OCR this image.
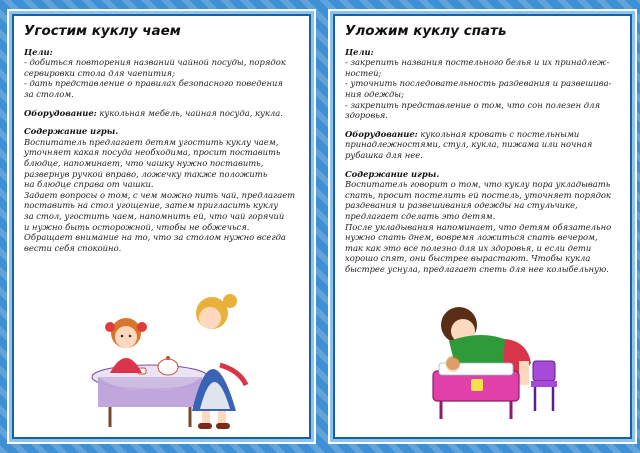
Угостим куклу чаем

Цели:

- добиться повторения названий чайной посуды, порядок

сервировки стола для чаепития;

- дать представление о правилах безопасного поведения

за столом.

Оборудование: кукольная мебель, чайная посуда, кукла.

Содержание игры.

Воспитатель предлагает детям угостить куклу чаем,

уточняет какая посуда необходима, просит поставить

блюдце, напоминает, что чашку нужно поставить,

развернув ручкой вправо, ложечку также положить

на блюдце справа от чашки.

Задает вопросы о том, с чем можно пить чай, предлагает

поставить на стол угощение, затем пригласить куклу

за стол, угостить чаем, напомнить ей, что чай горячий

и нужно быть осторожной, чтобы не обжечься.

Обращает внимание на то, что за столом нужно всегда

вести себя спокойно.

Уложим куклу спать

Цели:

- закрепить названия постельного белья и их принадлеж-

ностей;

- уточнить последовательность раздевания и развешива-

ния одежды;

- закрепить представление о том, что сон полезен для

здоровья.

Оборудование: кукольная кровать с постельными

принадлежностями, стул, кукла, пижама или ночная

рубашка для нее.

Содержание игры.

Воспитатель говорит о том, что куклу пора укладывать

спать, просит постелить ей постель, уточняет порядок

раздевания и развешивания одежды на стульчике,

предлагает сделать это детям.

После укладывания напоминает, что детям обязательно

нужно спать днем, вовремя ложиться спать вечером,

так как это все полезно для их здоровья, и если дети

хорошо спят, они быстрее вырастают. Чтобы кукла

быстрее уснула, предлагает спеть для нее колыбельную.
